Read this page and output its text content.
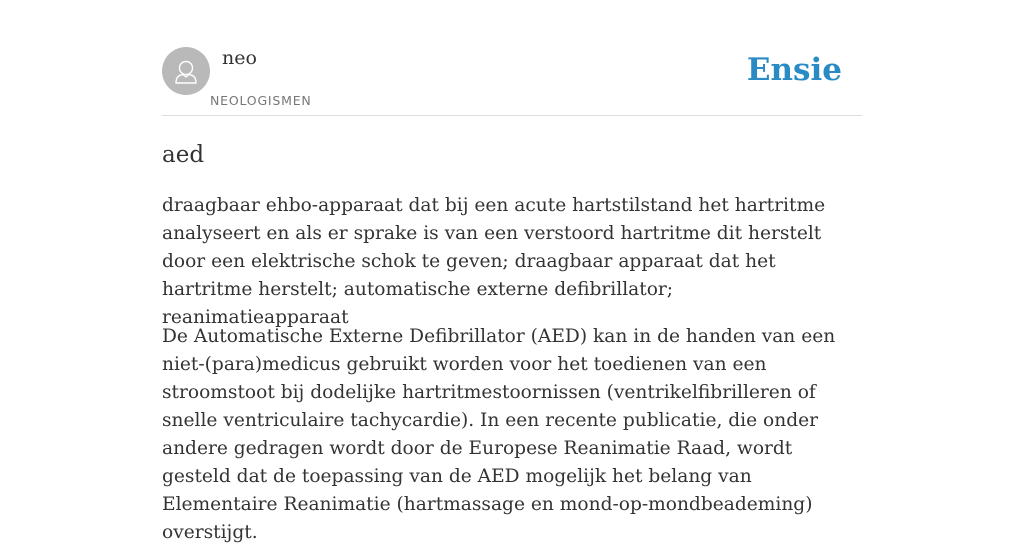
neo
NEOLOGISMEN
Ensie
aed

draagbaar ehbo-apparaat dat bij een acute hartstilstand het hartritme analyseert en als er sprake is van een verstoord hartritme dit herstelt door een elektrische schok te geven; draagbaar apparaat dat het hartritme herstelt; automatische externe defibrillator; reanimatieapparaat

De Automatische Externe Defibrillator (AED) kan in de handen van een niet-(para)medicus gebruikt worden voor het toedienen van een stroomstoot bij dodelijke hartritmestoornissen (ventrikelfibrilleren of snelle ventriculaire tachycardie). In een recente publicatie, die onder andere gedragen wordt door de Europese Reanimatie Raad, wordt gesteld dat de toepassing van de AED mogelijk het belang van Elementaire Reanimatie (hartmassage en mond-op-mondbeademing) overstijgt.
